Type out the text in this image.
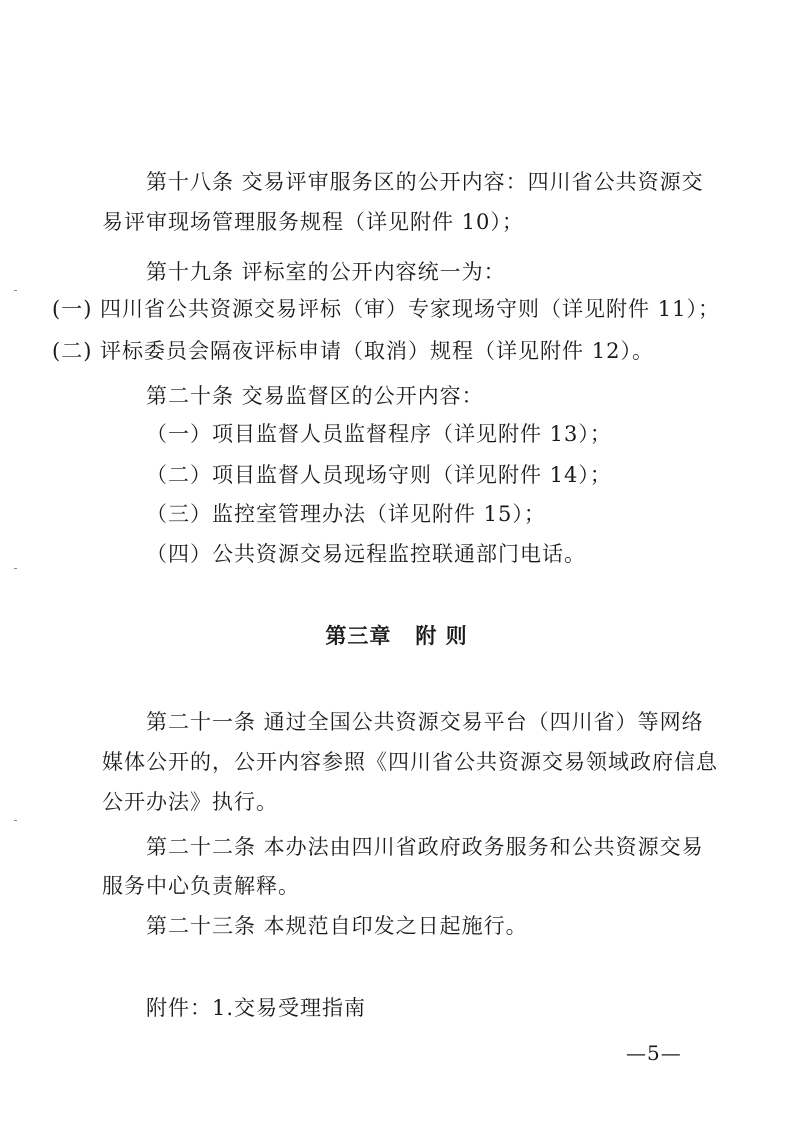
第十八条 交易评审服务区的公开内容：四川省公共资源交
易评审现场管理服务规程（详见附件 10）；
第十九条 评标室的公开内容统一为：
(一) 四川省公共资源交易评标（审）专家现场守则（详见附件 11）；
(二) 评标委员会隔夜评标申请（取消）规程（详见附件 12）。
第二十条 交易监督区的公开内容：
（一）项目监督人员监督程序（详见附件 13）；
（二）项目监督人员现场守则（详见附件 14）；
（三）监控室管理办法（详见附件 15）；
（四）公共资源交易远程监控联通部门电话。
第三章 附 则
第二十一条 通过全国公共资源交易平台（四川省）等网络
媒体公开的，公开内容参照《四川省公共资源交易领域政府信息
公开办法》执行。
第二十二条 本办法由四川省政府政务服务和公共资源交易
服务中心负责解释。
第二十三条 本规范自印发之日起施行。
附件：1.交易受理指南
—5—
